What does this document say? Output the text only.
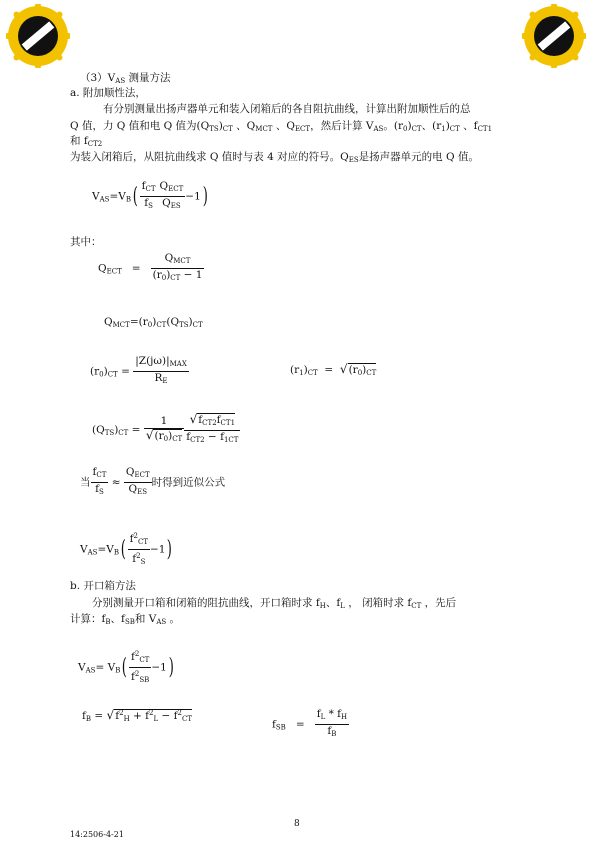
$(3)V_{AS}$ 测量方法
a. 附加顺性法，
有分别测量出扬声器单元和装入闭箱后的各自阻抗曲线，计算出附加顺性后的总
Q 值，力 Q 值和电 Q 值为$(Q_{TS})_{CT}$ 、$Q_{MCT}$ 、$Q_{ECT}$，然后计算 $V_{AS}$。$(r_0)_{CT}$、$(r_1)_{CT}$ 、$f_{CT1}$
和 $f_{CT2}$
为装入闭箱后，从阻抗曲线求 Q 值时与表 4 对应的符号。$Q_{ES}$是扬声器单元的电 Q 值。
$V_{AS}=V_B( \frac{f_{CT}}{f_S} \frac{Q_{ECT}}{Q_{ES}} -1)$
其中：
$Q_{ECT} = \frac{Q_{MCT}}{(r_0)_{CT} - 1}$
$Q_{MCT}=(r_0)_{CT}(Q_{TS})_{CT}$
$(r_0)_{CT} = \frac{|Z(j\omega)|_{MAX}}{R_E}$	$(r_1)_{CT} = √(r_0)_{CT}$
$(Q_{TS})_{CT} = \frac{1}{√(r_0)_{CT}} \frac{√f_{CT2}f_{CT1}}{f_{CT2} - f_{1CT}}$
当 $\frac{f_{CT}}{f_S} \approx \frac{Q_{ECT}}{Q_{ES}}$ 时得到近似公式
$V_{AS}=V_B( \frac{f^2_{CT}}{f^2_S} -1)$
b. 开口箱方法
分别测量开口箱和闭箱的阻抗曲线，开口箱时求 $f_H$、$f_L$ ， 闭箱时求 $f_{CT}$ ，先后
计算：$f_B$、$f_{SB}$和 $V_{AS}$ 。
$V_{AS}= V_B( \frac{f^2_{CT}}{f^2_{SB}} -1)$
$f_B = √f^2_H + f^2_L - f^2_{CT}$	$f_{SB} = \frac{f_L * f_H}{f_B}$
8
14:2506-4-21
